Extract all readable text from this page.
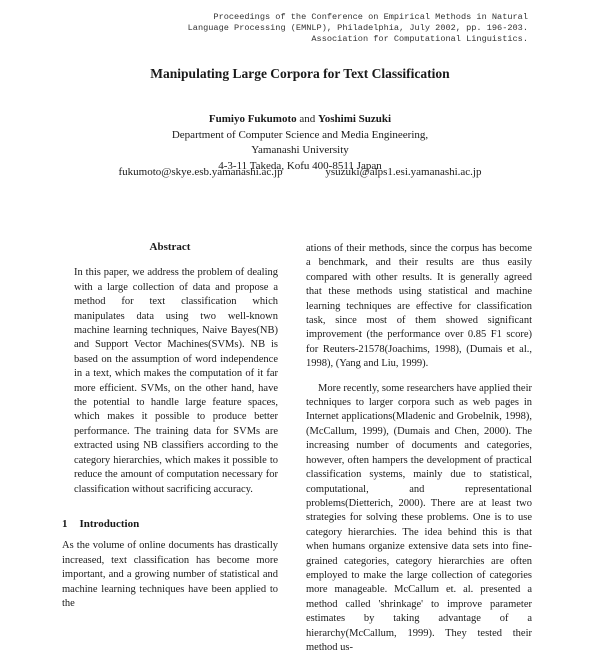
Proceedings of the Conference on Empirical Methods in Natural
Language Processing (EMNLP), Philadelphia, July 2002, pp. 196-203.
Association for Computational Linguistics.
Manipulating Large Corpora for Text Classification
Fumiyo Fukumoto and Yoshimi Suzuki
Department of Computer Science and Media Engineering,
Yamanashi University
4-3-11 Takeda, Kofu 400-8511 Japan
fukumoto@skye.esb.yamanashi.ac.jp	ysuzuki@alps1.esi.yamanashi.ac.jp
Abstract

In this paper, we address the problem of dealing with a large collection of data and propose a method for text classification which manipulates data using two well-known machine learning techniques, Naive Bayes(NB) and Support Vector Machines(SVMs). NB is based on the assumption of word independence in a text, which makes the computation of it far more efficient. SVMs, on the other hand, have the potential to handle large feature spaces, which makes it possible to produce better performance. The training data for SVMs are extracted using NB classifiers according to the category hierarchies, which makes it possible to reduce the amount of computation necessary for classification without sacrificing accuracy.

1 Introduction

As the volume of online documents has drastically increased, text classification has become more important, and a growing number of statistical and machine learning techniques have been applied to the

ations of their methods, since the corpus has become a benchmark, and their results are thus easily compared with other results. It is generally agreed that these methods using statistical and machine learning techniques are effective for classification task, since most of them showed significant improvement (the performance over 0.85 F1 score) for Reuters-21578(Joachims, 1998), (Dumais et al., 1998), (Yang and Liu, 1999).

More recently, some researchers have applied their techniques to larger corpora such as web pages in Internet applications(Mladenic and Grobelnik, 1998), (McCallum, 1999), (Dumais and Chen, 2000). The increasing number of documents and categories, however, often hampers the development of practical classification systems, mainly due to statistical, computational, and representational problems(Dietterich, 2000). There are at least two strategies for solving these problems. One is to use category hierarchies. The idea behind this is that when humans organize extensive data sets into fine-grained categories, category hierarchies are often employed to make the large collection of categories more manageable. McCallum et. al. presented a method called 'shrinkage' to improve parameter estimates by taking advantage of a hierarchy(McCallum, 1999). They tested their method us-
